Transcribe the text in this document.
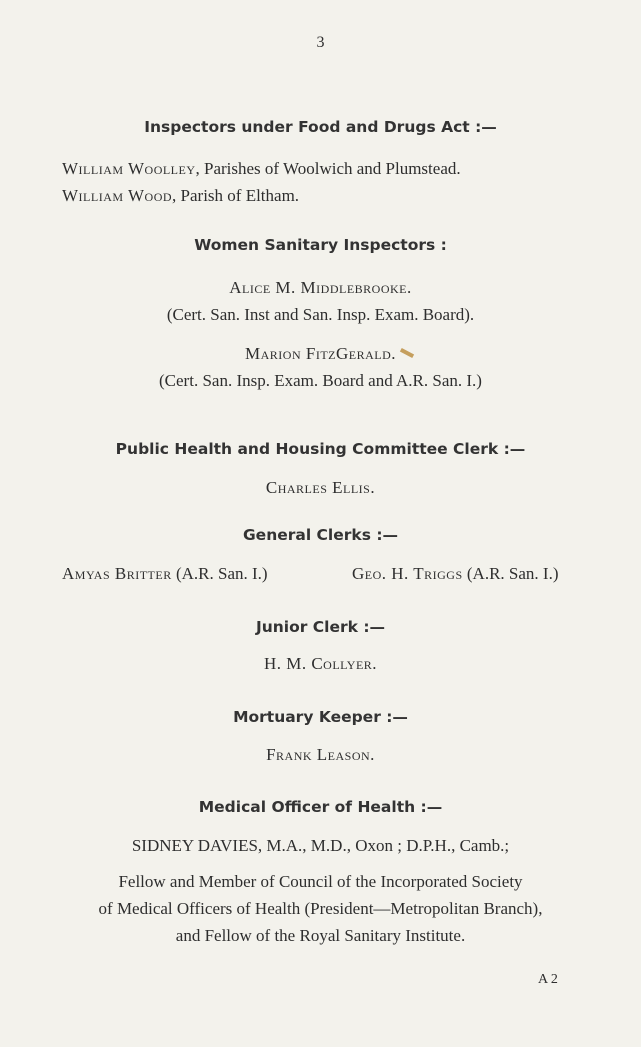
3
Inspectors under Food and Drugs Act :—
William Woolley, Parishes of Woolwich and Plumstead.
William Wood, Parish of Eltham.
Women Sanitary Inspectors :
Alice M. Middlebrooke.
(Cert. San. Inst and San. Insp. Exam. Board).
Marion FitzGerald.
(Cert. San. Insp. Exam. Board and A.R. San. I.)
Public Health and Housing Committee Clerk :—
Charles Ellis.
General Clerks :—
Amyas Britter (A.R. San. I.)	Geo. H. Triggs (A.R. San. I.)
Junior Clerk :—
H. M. Collyer.
Mortuary Keeper :—
Frank Leason.
Medical Officer of Health :—
SIDNEY DAVIES, M.A., M.D., Oxon ; D.P.H., Camb.;
Fellow and Member of Council of the Incorporated Society
of Medical Officers of Health (President—Metropolitan Branch),
and Fellow of the Royal Sanitary Institute.
A 2
